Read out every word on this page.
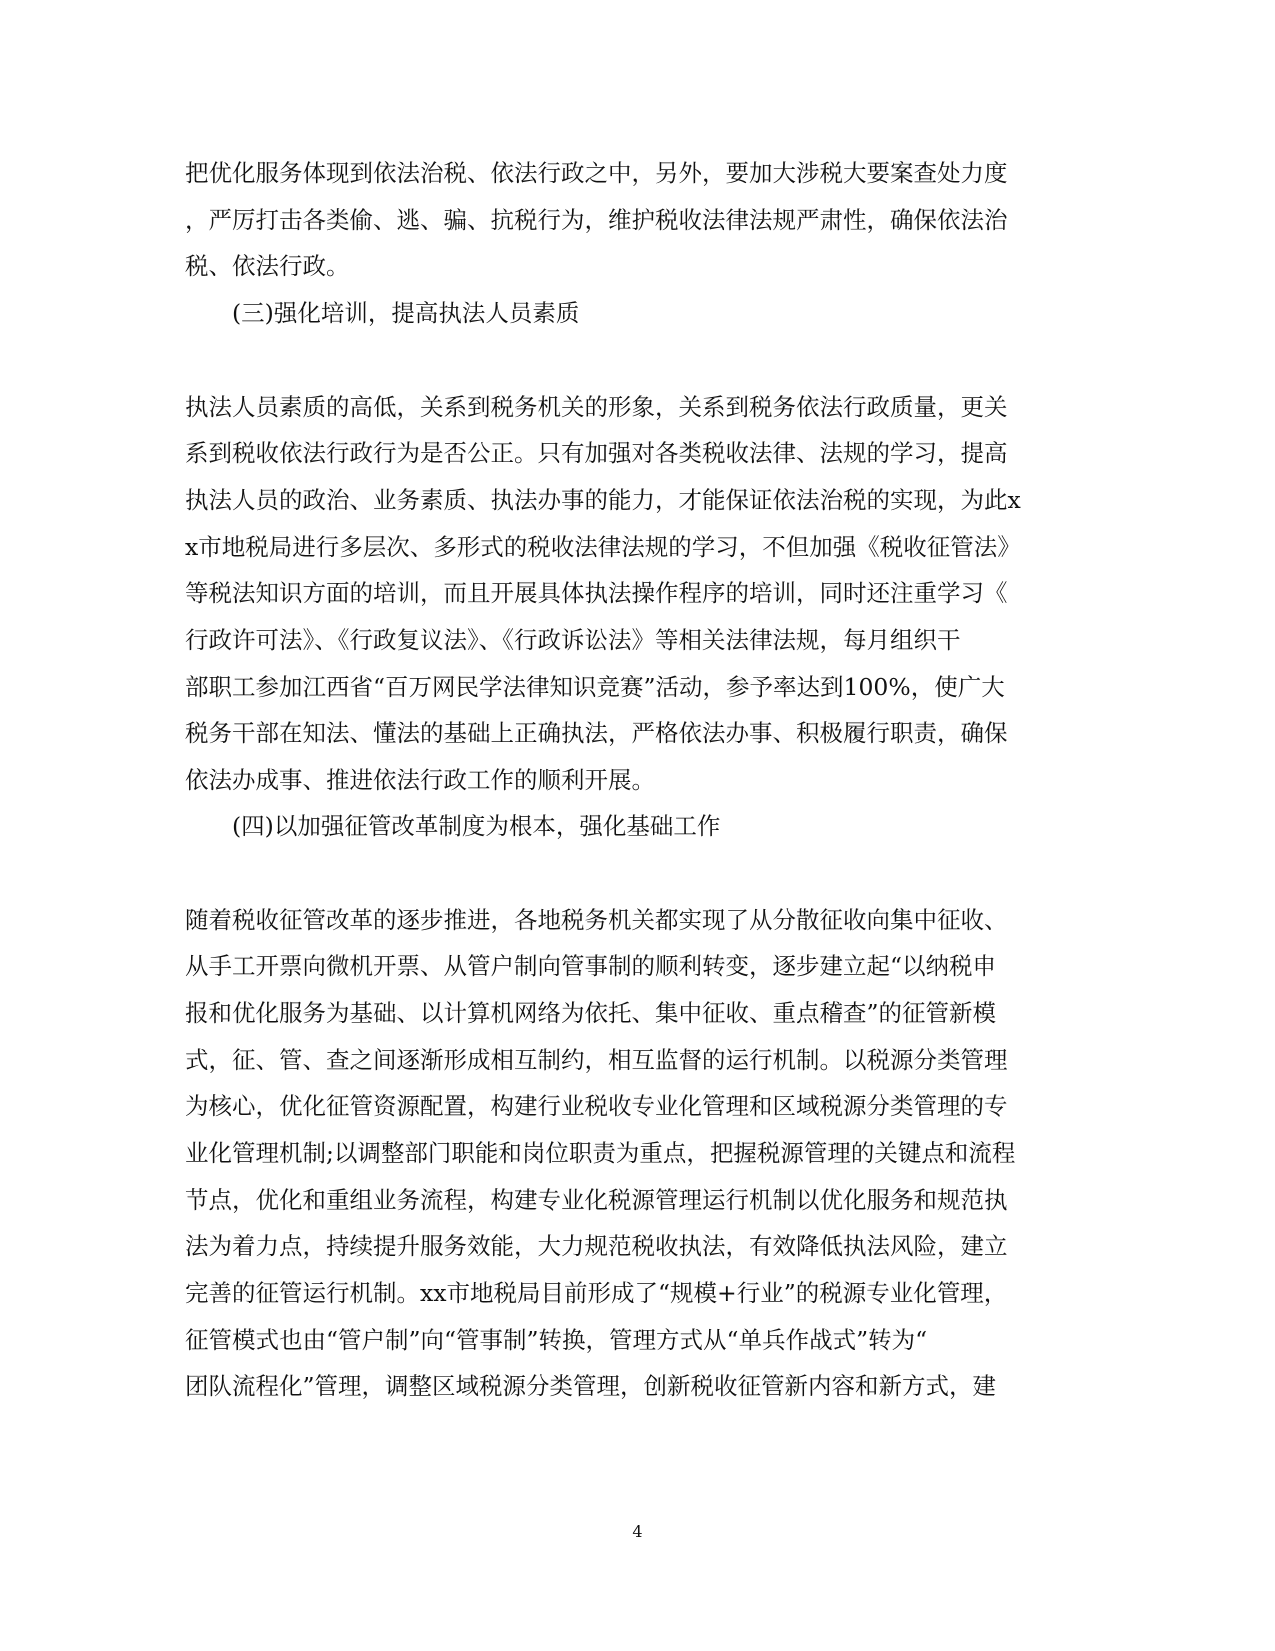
把优化服务体现到依法治税、依法行政之中，另外，要加大涉税大要案查处力度
，严厉打击各类偷、逃、骗、抗税行为，维护税收法律法规严肃性，确保依法治
税、依法行政。
(三)强化培训，提高执法人员素质
执法人员素质的高低，关系到税务机关的形象，关系到税务依法行政质量，更关
系到税收依法行政行为是否公正。只有加强对各类税收法律、法规的学习，提高
执法人员的政治、业务素质、执法办事的能力，才能保证依法治税的实现，为此x
x市地税局进行多层次、多形式的税收法律法规的学习，不但加强《税收征管法》
等税法知识方面的培训，而且开展具体执法操作程序的培训，同时还注重学习《
行政许可法》、《行政复议法》、《行政诉讼法》等相关法律法规，每月组织干
部职工参加江西省“百万网民学法律知识竞赛”活动，参予率达到100%，使广大
税务干部在知法、懂法的基础上正确执法，严格依法办事、积极履行职责，确保
依法办成事、推进依法行政工作的顺利开展。
(四)以加强征管改革制度为根本，强化基础工作
随着税收征管改革的逐步推进，各地税务机关都实现了从分散征收向集中征收、
从手工开票向微机开票、从管户制向管事制的顺利转变，逐步建立起“以纳税申
报和优化服务为基础、以计算机网络为依托、集中征收、重点稽查”的征管新模
式，征、管、查之间逐渐形成相互制约，相互监督的运行机制。以税源分类管理
为核心，优化征管资源配置，构建行业税收专业化管理和区域税源分类管理的专
业化管理机制;以调整部门职能和岗位职责为重点，把握税源管理的关键点和流程
节点，优化和重组业务流程，构建专业化税源管理运行机制以优化服务和规范执
法为着力点，持续提升服务效能，大力规范税收执法，有效降低执法风险，建立
完善的征管运行机制。xx市地税局目前形成了“规模+行业”的税源专业化管理，
征管模式也由“管户制”向“管事制”转换，管理方式从“单兵作战式”转为“
团队流程化”管理，调整区域税源分类管理，创新税收征管新内容和新方式，建
4
